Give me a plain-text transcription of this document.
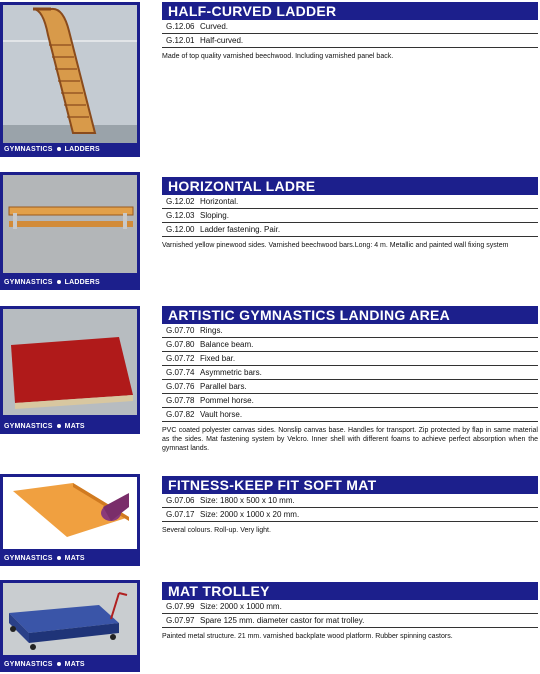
GYMNASTICS LADDERS
HALF-CURVED LADDER
G.12.06 Curved.
G.12.01 Half-curved.
Made of top quality varnished beechwood. Including varnished panel back.
GYMNASTICS LADDERS
HORIZONTAL LADRE
G.12.02 Horizontal.
G.12.03 Sloping.
G.12.00 Ladder fastening. Pair.
Varnished yellow pinewood sides. Varnished beechwood bars.Long: 4 m. Metallic and painted wall fixing system
GYMNASTICS MATS
ARTISTIC GYMNASTICS LANDING AREA
G.07.70 Rings.
G.07.80 Balance beam.
G.07.72 Fixed bar.
G.07.74 Asymmetric bars.
G.07.76 Parallel bars.
G.07.78 Pommel horse.
G.07.82 Vault horse.
PVC coated polyester canvas sides. Nonslip canvas base. Handles for transport. Zip protected by flap in same material as the sides. Mat fastening system by Velcro. Inner shell with different foams to achieve perfect absorption when the gymnast lands.
GYMNASTICS MATS
FITNESS-KEEP FIT SOFT MAT
G.07.06 Size: 1800 x 500 x 10 mm.
G.07.17 Size: 2000 x 1000 x 20 mm.
Several colours. Roll-up. Very light.
GYMNASTICS MATS
MAT TROLLEY
G.07.99 Size: 2000 x 1000 mm.
G.07.97 Spare 125 mm. diameter castor for mat trolley.
Painted metal structure. 21 mm. varnished backplate wood platform. Rubber spinning castors.
